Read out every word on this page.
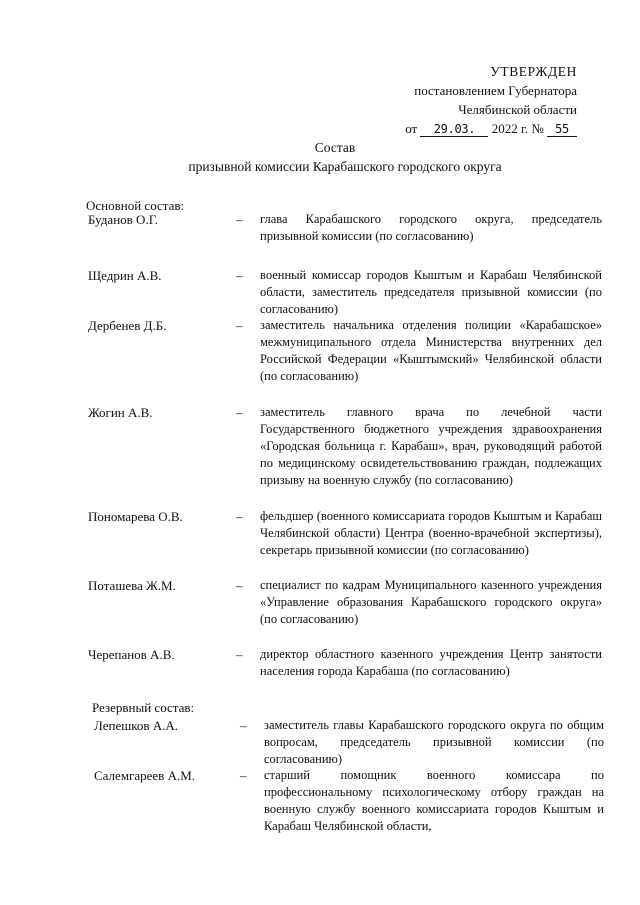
УТВЕРЖДЕН
постановлением Губернатора
Челябинской области
от 29.03. 2022 г. № 55
Состав
призывной комиссии Карабашского городского округа
Основной состав:
Буданов О.Г.	– глава Карабашского городского округа, председатель призывной комиссии (по согласованию)
Щедрин А.В.	– военный комиссар городов Кыштым и Карабаш Челябинской области, заместитель председателя призывной комиссии (по согласованию)
Дербенев Д.Б.	– заместитель начальника отделения полиции «Карабашское» межмуниципального отдела Министерства внутренних дел Российской Федерации «Кыштымский» Челябинской области (по согласованию)
Жогин А.В.	– заместитель главного врача по лечебной части Государственного бюджетного учреждения здравоохранения «Городская больница г. Карабаш», врач, руководящий работой по медицинскому освидетельствованию граждан, подлежащих призыву на военную службу (по согласованию)
Пономарева О.В.	– фельдшер (военного комиссариата городов Кыштым и Карабаш Челябинской области) Центра (военно-врачебной экспертизы), секретарь призывной комиссии (по согласованию)
Поташева Ж.М.	– специалист по кадрам Муниципального казенного учреждения «Управление образования Карабашского городского округа» (по согласованию)
Черепанов А.В.	– директор областного казенного учреждения Центр занятости населения города Карабаша (по согласованию)
Резервный состав:
Лепешков А.А.	– заместитель главы Карабашского городского округа по общим вопросам, председатель призывной комиссии (по согласованию)
Салемгареев А.М.	– старший помощник военного комиссара по профессиональному психологическому отбору граждан на военную службу военного комиссариата городов Кыштым и Карабаш Челябинской области,
